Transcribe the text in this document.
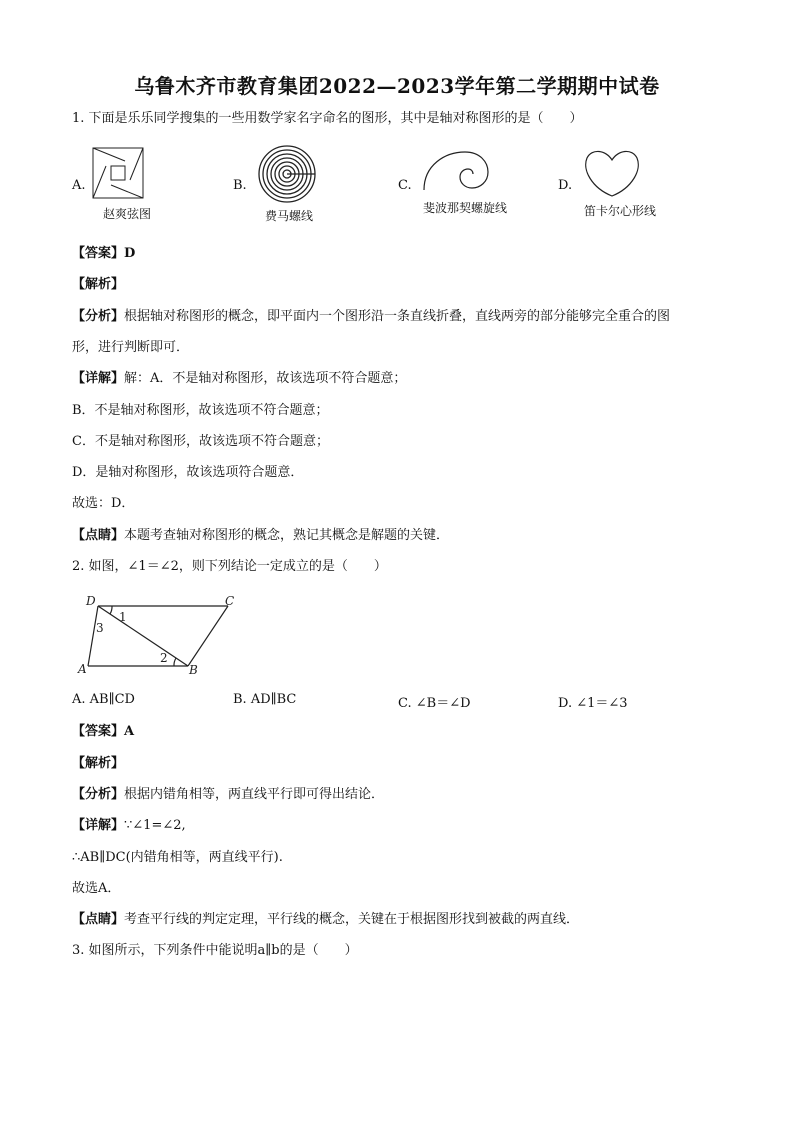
乌鲁木齐市教育集团2022—2023学年第二学期期中试卷
1. 下面是乐乐同学搜集的一些用数学家名字命名的图形，其中是轴对称图形的是（　　）
A.
赵爽弦图
B.
费马螺线
C.
斐波那契螺旋线
D.
笛卡尔心形线
【答案】D
【解析】
【分析】根据轴对称图形的概念，即平面内一个图形沿一条直线折叠，直线两旁的部分能够完全重合的图
形，进行判断即可．
【详解】解：A．不是轴对称图形，故该选项不符合题意；
B．不是轴对称图形，故该选项不符合题意；
C．不是轴对称图形，故该选项不符合题意；
D．是轴对称图形，故该选项符合题意．
故选：D．
【点睛】本题考查轴对称图形的概念，熟记其概念是解题的关键．
2. 如图，∠1＝∠2，则下列结论一定成立的是（　　）
D	C
A	B
1
2
3
A. AB∥CD	B. AD∥BC	C. ∠B＝∠D	D. ∠1＝∠3
【答案】A
【解析】
【分析】根据内错角相等，两直线平行即可得出结论．
【详解】∵∠1=∠2,
∴AB∥DC(内错角相等，两直线平行).
故选A．
【点睛】考查平行线的判定定理，平行线的概念，关键在于根据图形找到被截的两直线．
3. 如图所示，下列条件中能说明a∥b的是（　　）
